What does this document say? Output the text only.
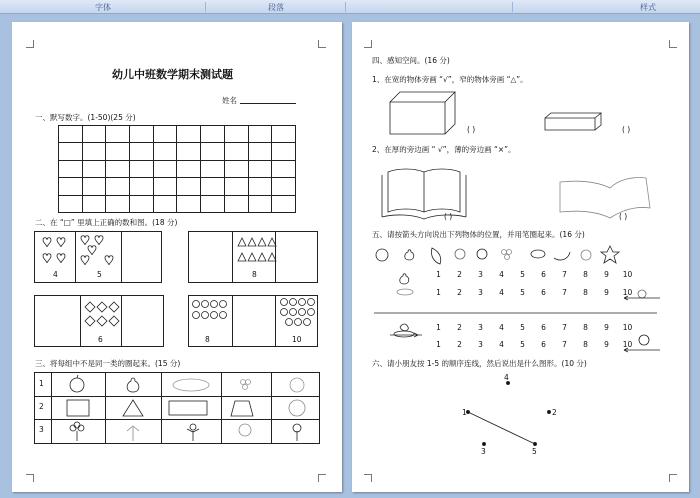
字体	段落	样式
幼儿中班数学期末测试题
姓名
一、默写数字。(1-50)(25 分)

二、在 “□” 里填上正确的数和图。(18 分)
4	5	8
6	8	10
三、将每组中不是同一类的圈起来。(15 分)
1
2
3
四、感知空间。(16 分)
1、在宽的物体旁画 “√”，窄的物体旁画 “△”。
( )	( )
2、在厚的旁边画 “ √”，薄的旁边画 “×”。
( )	( )
五、请按箭头方向说出下列物体的位置，并用笔圈起来。(16 分)
1 2 3 4 5 6 7 8 9 10
1 2 3 4 5 6 7 8 9 10
1 2 3 4 5 6 7 8 9 10
1 2 3 4 5 6 7 8 9 10
六、请小朋友按 1-5 的顺序连线，然后说出是什么图形。(10 分)
4
1	2
3	5
